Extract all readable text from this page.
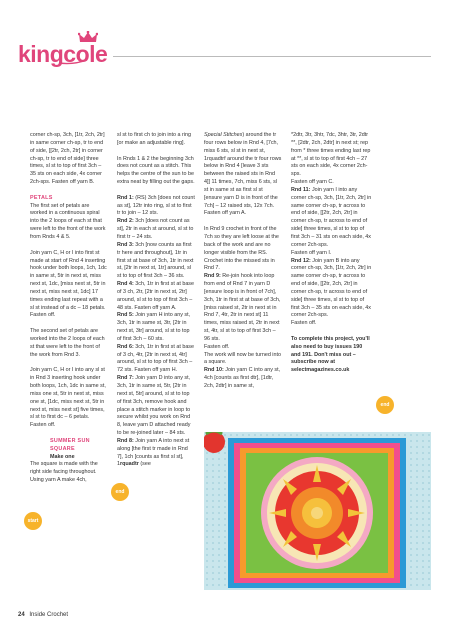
kingcole

corner ch-sp, 3ch, [1tr, 2ch, 2tr] in same corner ch-sp, tr to end of side, [[2tr, 2ch, 2tr] in corner ch-sp, tr to end of side] three times, sl st to top of first 3ch – 35 sts on each side, 4x corner 2ch-sps. Fasten off yarn B.

PETALS

The first set of petals are worked in a continuous spiral into the 2 loops of each st that were left to the front of the work from Rnds 4 & 5.

Join yarn C, H or I into first st made at start of Rnd 4 inserting hook under both loops, 1ch, 1dc in same st, 5tr in next st, miss next st, 1dc, [miss next st, 5tr in next st, miss next st, 1dc] 17 times ending last repeat with a sl st instead of a dc – 18 petals.

Fasten off.

The second set of petals are worked into the 2 loops of each st that were left to the front of the work from Rnd 3.

Join yarn C, H or I into any sl st in Rnd 3 inserting hook under both loops, 1ch, 1dc in same st, miss one st, 5tr in next st, miss one st, [1dc, miss next st, 5tr in next st, miss next st] five times, sl st to first dc – 6 petals.

Fasten off.

SUMMER SUN

SQUARE

Make one

The square is made with the right side facing throughout.

Using yarn A make 4ch,

sl st to first ch to join into a ring [or make an adjustable ring].

In Rnds 1 & 2 the beginning 3ch does not count as a stitch. This helps the centre of the sun to be extra neat by filling out the gaps.

Rnd 1: (RS) 3ch [does not count as st], 12tr into ring, sl st to first tr to join – 12 sts.

Rnd 2: 3ch [does not count as st], 2tr in each st around, sl st to first tr – 24 sts.

Rnd 3: 3ch [now counts as first tr here and throughout], 1tr in first st at base of 3ch, 1tr in next st, [2tr in next st, 1tr] around, sl st to top of first 3ch – 36 sts.

Rnd 4: 3ch, 1tr in first st at base of 3 ch, 2tr, [2tr in next st, 2tr] around, sl st to top of first 3ch – 48 sts. Fasten off yarn A.

Rnd 5: Join yarn H into any st, 3ch, 1tr in same st, 3tr, [2tr in next st, 3tr] around, sl st to top of first 3ch – 60 sts.

Rnd 6: 3ch, 1tr in first st at base of 3 ch, 4tr, [2tr in next st, 4tr] around, sl st to top of first 3ch – 72 sts. Fasten off yarn H.

Rnd 7: Join yarn D into any st, 3ch, 1tr in same st, 5tr, [2tr in next st, 5tr] around, sl st to top of first 3ch, remove hook and place a stitch marker in loop to secure whilst you work on Rnd 8, leave yarn D attached ready to be re-joined later – 84 sts.

Rnd 8: Join yarn A into next st along [the first tr made in Rnd 7], 1ch [counts as first sl st], 1rquadtr (see

Special Stitches) around the tr four rows below in Rnd 4, [7ch, miss 6 sts, sl st in next st, 1rquadtrf around the tr four rows below in Rnd 4 [leave 3 sts between the raised sts in Rnd 4]] 11 times, 7ch, miss 6 sts, sl st in same st as first sl st [ensure yarn D is in front of the 7ch] – 12 raised sts, 12x 7ch.

Fasten off yarn A.

In Rnd 9 crochet in front of the 7ch so they are left loose at the back of the work and are no longer visible from the RS. Crochet into the missed sts in Rnd 7.

Rnd 9: Re-join hook into loop from end of Rnd 7 in yarn D [ensure loop is in front of 7ch], 3ch, 1tr in first st at base of 3ch, [miss raised st, 2tr in next st in Rnd 7, 4tr, 2tr in next st] 11 times, miss raised st, 2tr in next st, 4tr, sl st to top of first 3ch – 96 sts.

Fasten off.

The work will now be turned into a square.

Rnd 10: Join yarn C into any st, 4ch [counts as first dtr], [1dtr, 2ch, 2dtr] in same st,

*2dtr, 3tr, 3htr, 7dc, 3htr, 3tr, 2dtr **, [2dtr, 2ch, 2dtr] in next st; rep from * three times ending last rep at **, sl st to top of first 4ch – 27 sts on each side, 4x corner 2ch-sps.

Fasten off yarn C.

Rnd 11: Join yarn I into any corner ch-sp, 3ch, [1tr, 2ch, 2tr] in same corner ch-sp, tr across to end of side, [[2tr, 2ch, 2tr] in corner ch-sp, tr across to end of side] three times, sl st to top of first 3ch – 31 sts on each side, 4x corner 2ch-sps.

Fasten off yarn I.

Rnd 12: Join yarn B into any corner ch-sp, 3ch, [1tr, 2ch, 2tr] in same corner ch-sp, tr across to end of side, [[2tr, 2ch, 2tr] in corner ch-sp, tr across to end of side] three times, sl st to top of first 3ch – 35 sts on each side, 4x corner 2ch-sps.

Fasten off.

To complete this project, you'll also need to buy issues 190 and 191. Don't miss out – subscribe now at selectmagazines.co.uk

start
end
end
24 Inside Crochet
